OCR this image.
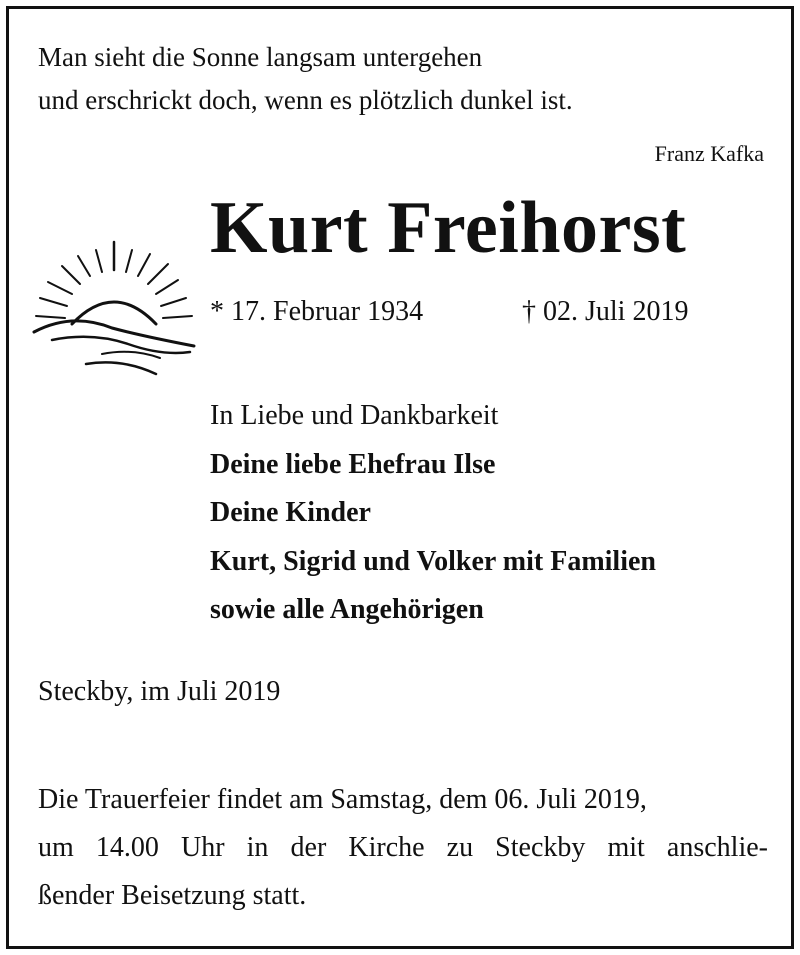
Man sieht die Sonne langsam untergehen
und erschrickt doch, wenn es plötzlich dunkel ist.
Franz Kafka
Kurt Freihorst
* 17. Februar 1934	† 02. Juli 2019
In Liebe und Dankbarkeit
Deine liebe Ehefrau Ilse
Deine Kinder
Kurt, Sigrid und Volker mit Familien
sowie alle Angehörigen
Steckby, im Juli 2019
Die Trauerfeier findet am Samstag, dem 06. Juli 2019,
um 14.00 Uhr in der Kirche zu Steckby mit anschlie-
ßender Beisetzung statt.
